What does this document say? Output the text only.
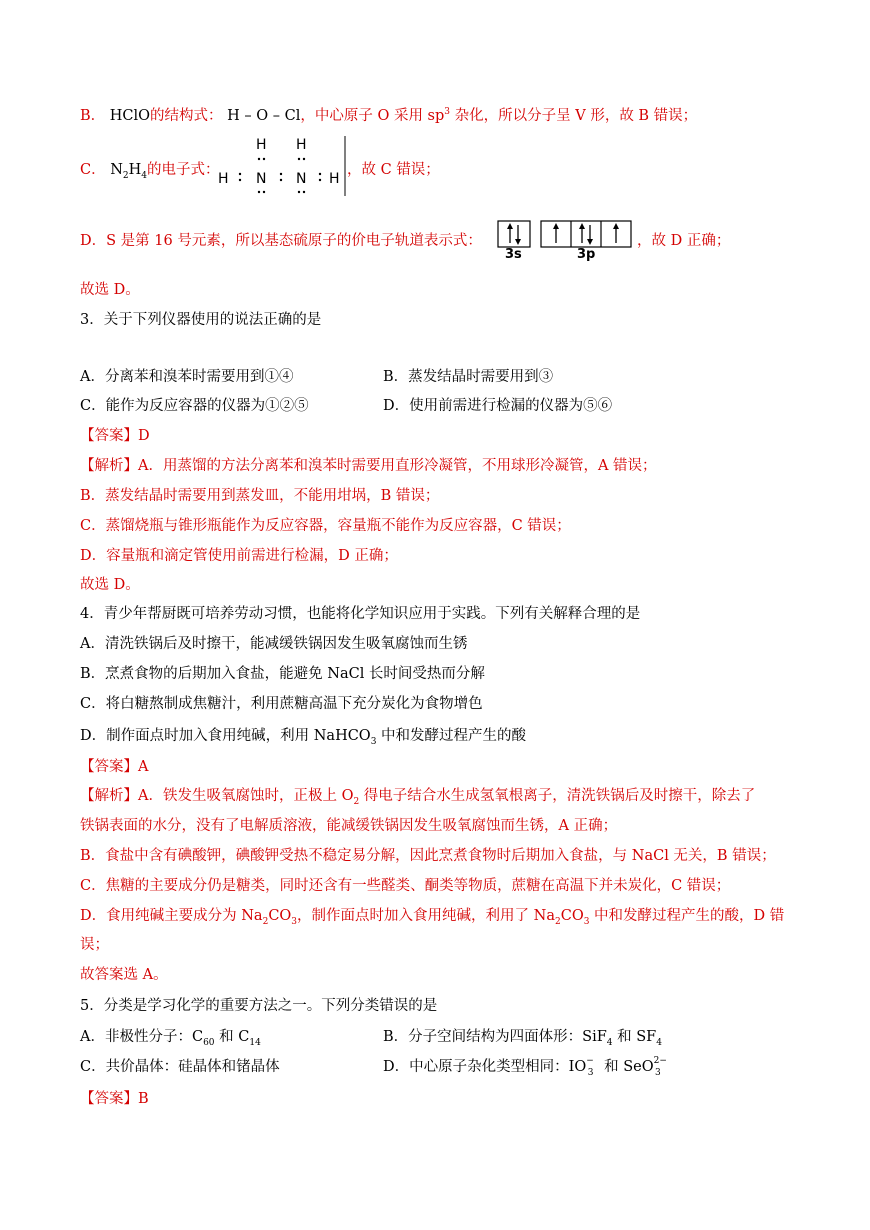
B． HClO的结构式： H – O – Cl，中心原子 O 采用 $sp^3$ 杂化，所以分子呈 V 形，故 B 错误；
C． $N_2H_4$的电子式：
H H
H N N H
，故 C 错误；
D．S 是第 16 号元素，所以基态硫原子的价电子轨道表示式：
3s	3p
，故 D 正确；
故选 D。
3．关于下列仪器使用的说法正确的是
A．分离苯和溴苯时需要用到①④	B．蒸发结晶时需要用到③
C．能作为反应容器的仪器为①②⑤	D．使用前需进行检漏的仪器为⑤⑥
【答案】D
【解析】A．用蒸馏的方法分离苯和溴苯时需要用直形冷凝管，不用球形冷凝管，A 错误；
B．蒸发结晶时需要用到蒸发皿，不能用坩埚，B 错误；
C．蒸馏烧瓶与锥形瓶能作为反应容器，容量瓶不能作为反应容器，C 错误；
D．容量瓶和滴定管使用前需进行检漏，D 正确；
故选 D。
4．青少年帮厨既可培养劳动习惯，也能将化学知识应用于实践。下列有关解释合理的是
A．清洗铁锅后及时擦干，能减缓铁锅因发生吸氧腐蚀而生锈
B．烹煮食物的后期加入食盐，能避免 NaCl 长时间受热而分解
C．将白糖熬制成焦糖汁，利用蔗糖高温下充分炭化为食物增色
D．制作面点时加入食用纯碱，利用 NaHCO$_3$ 中和发酵过程产生的酸
【答案】A
【解析】A．铁发生吸氧腐蚀时，正极上 $O_2$ 得电子结合水生成氢氧根离子，清洗铁锅后及时擦干，除去了
铁锅表面的水分，没有了电解质溶液，能减缓铁锅因发生吸氧腐蚀而生锈，A 正确；
B．食盐中含有碘酸钾，碘酸钾受热不稳定易分解，因此烹煮食物时后期加入食盐，与 NaCl 无关，B 错误；
C．焦糖的主要成分仍是糖类，同时还含有一些醛类、酮类等物质，蔗糖在高温下并未炭化，C 错误；
D．食用纯碱主要成分为 $Na_2CO_3$，制作面点时加入食用纯碱，利用了 $Na_2CO_3$ 中和发酵过程产生的酸，D 错
误；
故答案选 A。
5．分类是学习化学的重要方法之一。下列分类错误的是
A．非极性分子：$C_{60}$ 和 $C_{14}$	B．分子空间结构为四面体形：SiF$_4$ 和 $SF_4$
C．共价晶体：硅晶体和锗晶体	D．中心原子杂化类型相同：$IO^-_3$ 和 SeO$^{2-}_3$
【答案】B
